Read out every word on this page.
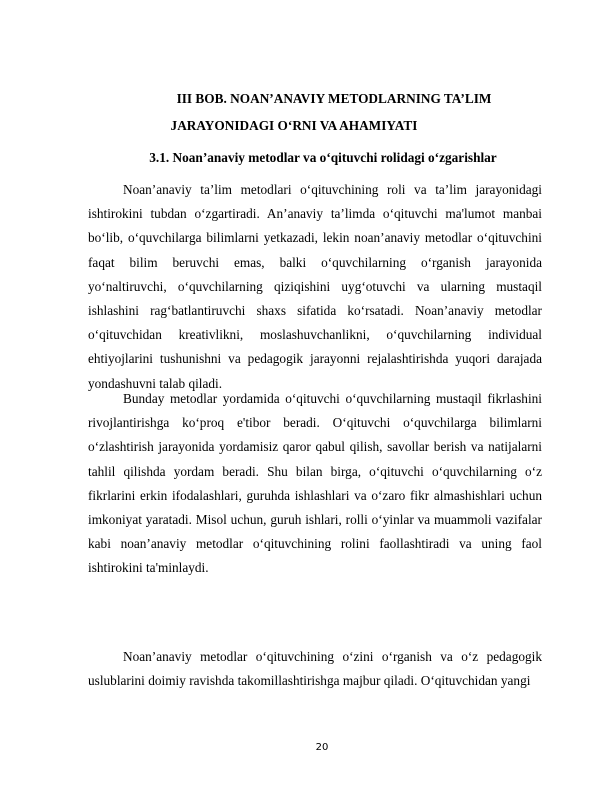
III BOB. NOAN’ANAVIY METODLARNING TA’LIM
JARAYONIDAGI O‘RNI VA AHAMIYATI
3.1. Noan’anaviy metodlar va o‘qituvchi rolidagi o‘zgarishlar

Noan’anaviy ta’lim metodlari o‘qituvchining roli va ta’lim jarayonidagi ishtirokini tubdan o‘zgartiradi. An’anaviy ta’limda o‘qituvchi ma'lumot manbai bo‘lib, o‘quvchilarga bilimlarni yetkazadi, lekin noan’anaviy metodlar o‘qituvchini faqat bilim beruvchi emas, balki o‘quvchilarning o‘rganish jarayonida yo‘naltiruvchi, o‘quvchilarning qiziqishini uyg‘otuvchi va ularning mustaqil ishlashini rag‘batlantiruvchi shaxs sifatida ko‘rsatadi. Noan’anaviy metodlar o‘qituvchidan kreativlikni, moslashuvchanlikni, o‘quvchilarning individual ehtiyojlarini tushunishni va pedagogik jarayonni rejalashtirishda yuqori darajada yondashuvni talab qiladi.

Bunday metodlar yordamida o‘qituvchi o‘quvchilarning mustaqil fikrlashini rivojlantirishga ko‘proq e'tibor beradi. O‘qituvchi o‘quvchilarga bilimlarni o‘zlashtirish jarayonida yordamisiz qaror qabul qilish, savollar berish va natijalarni tahlil qilishda yordam beradi. Shu bilan birga, o‘qituvchi o‘quvchilarning o‘z fikrlarini erkin ifodalashlari, guruhda ishlashlari va o‘zaro fikr almashishlari uchun imkoniyat yaratadi. Misol uchun, guruh ishlari, rolli o‘yinlar va muammoli vazifalar kabi noan’anaviy metodlar o‘qituvchining rolini faollashtiradi va uning faol ishtirokini ta'minlaydi.

Noan’anaviy metodlar o‘qituvchining o‘zini o‘rganish va o‘z pedagogik uslublarini doimiy ravishda takomillashtirishga majbur qiladi. O‘qituvchidan yangi

20
